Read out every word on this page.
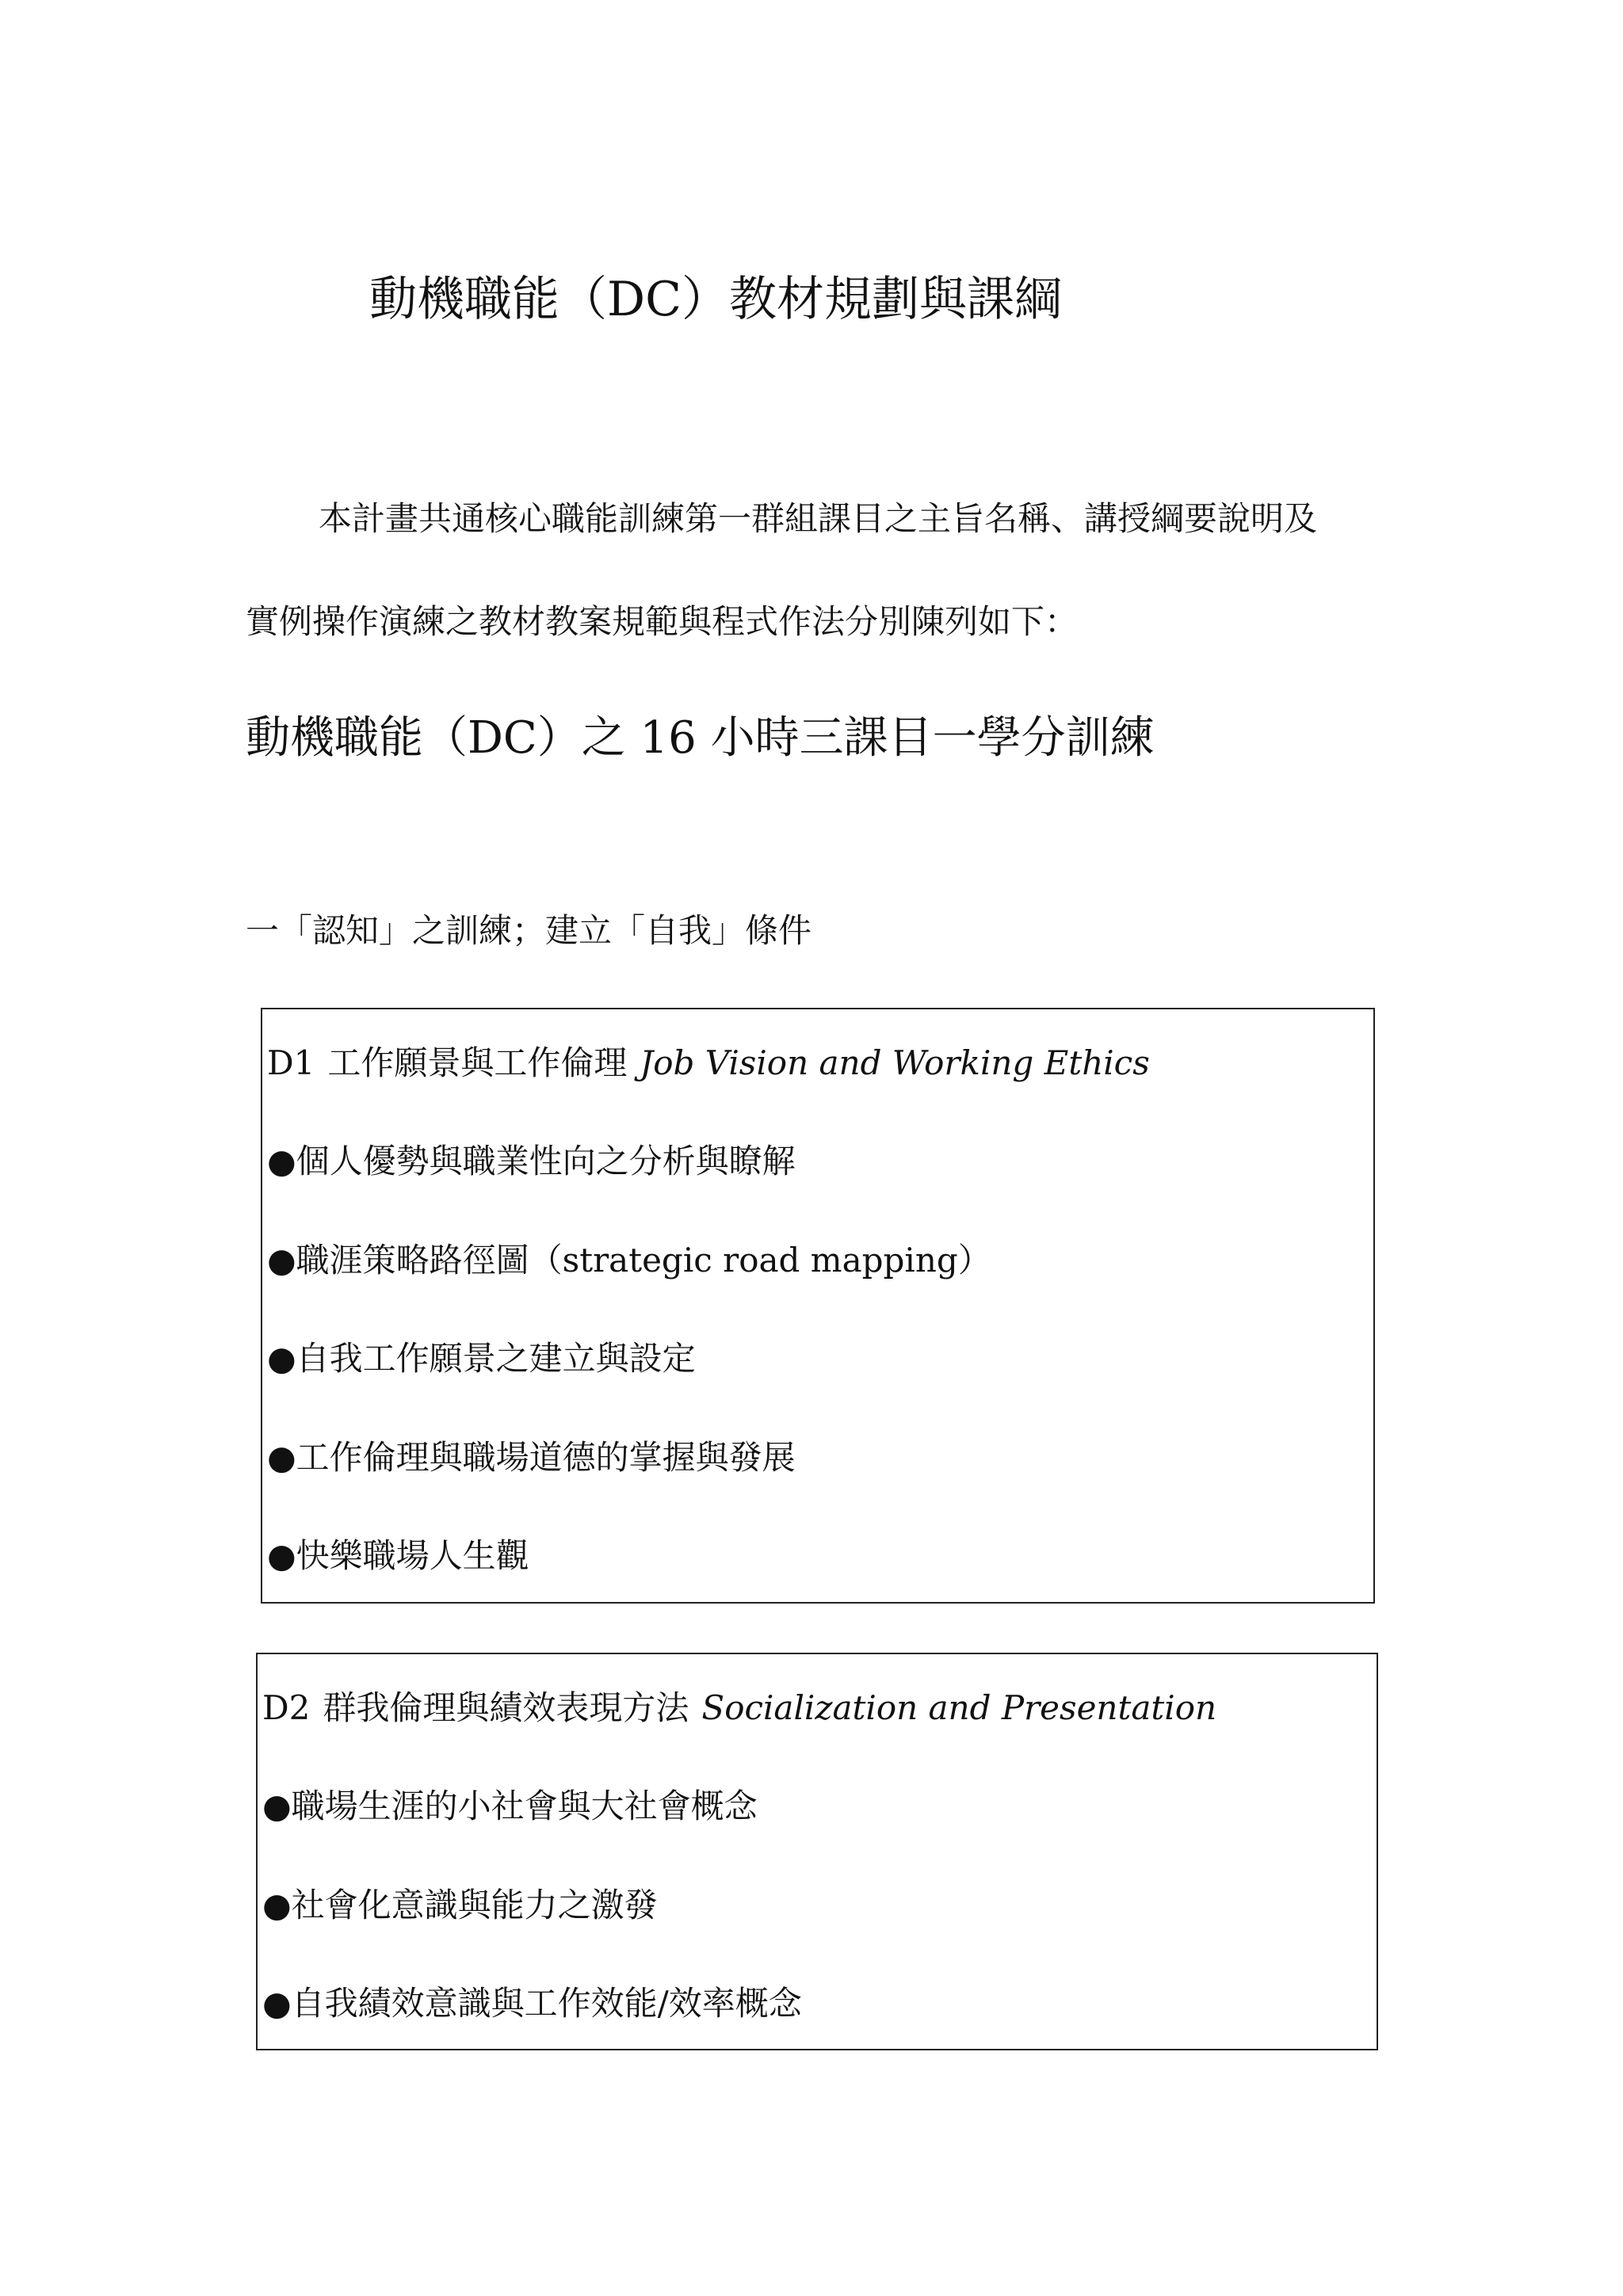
動機職能（DC）教材規劃與課綱

本計畫共通核心職能訓練第一群組課目之主旨名稱、講授綱要說明及

實例操作演練之教材教案規範與程式作法分別陳列如下：

動機職能（DC）之 16 小時三課目一學分訓練
一「認知」之訓練；建立「自我」條件
D1 工作願景與工作倫理 Job Vision and Working Ethics
●個人優勢與職業性向之分析與瞭解
●職涯策略路徑圖（strategic road mapping）
●自我工作願景之建立與設定
●工作倫理與職場道德的掌握與發展
●快樂職場人生觀
D2 群我倫理與績效表現方法 Socialization and Presentation
●職場生涯的小社會與大社會概念
●社會化意識與能力之激發
●自我績效意識與工作效能/效率概念
